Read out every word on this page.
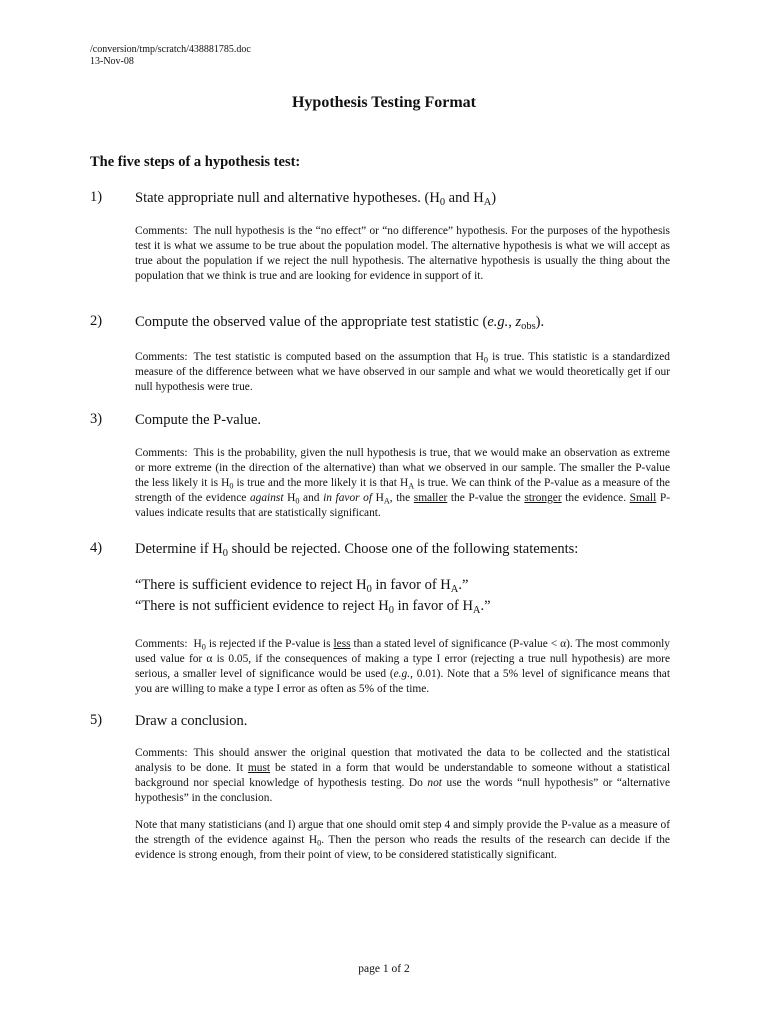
/conversion/tmp/scratch/438881785.doc
13-Nov-08
Hypothesis Testing Format
The five steps of a hypothesis test:
1) State appropriate null and alternative hypotheses. ($H_0$ and $H_A$)
Comments: The null hypothesis is the “no effect” or “no difference” hypothesis. For the purposes of the hypothesis test it is what we assume to be true about the population model. The alternative hypothesis is what we will accept as true about the population if we reject the null hypothesis. The alternative hypothesis is usually the thing about the population that we think is true and are looking for evidence in support of it.
2) Compute the observed value of the appropriate test statistic (e.g., $z_{obs}$).
Comments: The test statistic is computed based on the assumption that $H_0$ is true. This statistic is a standardized measure of the difference between what we have observed in our sample and what we would theoretically get if our null hypothesis were true.
3) Compute the P-value.
Comments: This is the probability, given the null hypothesis is true, that we would make an observation as extreme or more extreme (in the direction of the alternative) than what we observed in our sample. The smaller the P-value the less likely it is $H_0$ is true and the more likely it is that $H_A$ is true. We can think of the P-value as a measure of the strength of the evidence against $H_0$ and in favor of $H_A$, the smaller the P-value the stronger the evidence. Small P-values indicate results that are statistically significant.
4) Determine if $H_0$ should be rejected. Choose one of the following statements:
“There is sufficient evidence to reject $H_0$ in favor of $H_A$.”
“There is not sufficient evidence to reject $H_0$ in favor of $H_A$.”
Comments: $H_0$ is rejected if the P-value is less than a stated level of significance (P-value < α). The most commonly used value for α is 0.05, if the consequences of making a type I error (rejecting a true null hypothesis) are more serious, a smaller level of significance would be used (e.g., 0.01). Note that a 5% level of significance means that you are willing to make a type I error as often as 5% of the time.
5) Draw a conclusion.
Comments: This should answer the original question that motivated the data to be collected and the statistical analysis to be done. It must be stated in a form that would be understandable to someone without a statistical background nor special knowledge of hypothesis testing. Do not use the words “null hypothesis” or “alternative hypothesis” in the conclusion.
Note that many statisticians (and I) argue that one should omit step 4 and simply provide the P-value as a measure of the strength of the evidence against $H_0$. Then the person who reads the results of the research can decide if the evidence is strong enough, from their point of view, to be considered statistically significant.
page 1 of 2
